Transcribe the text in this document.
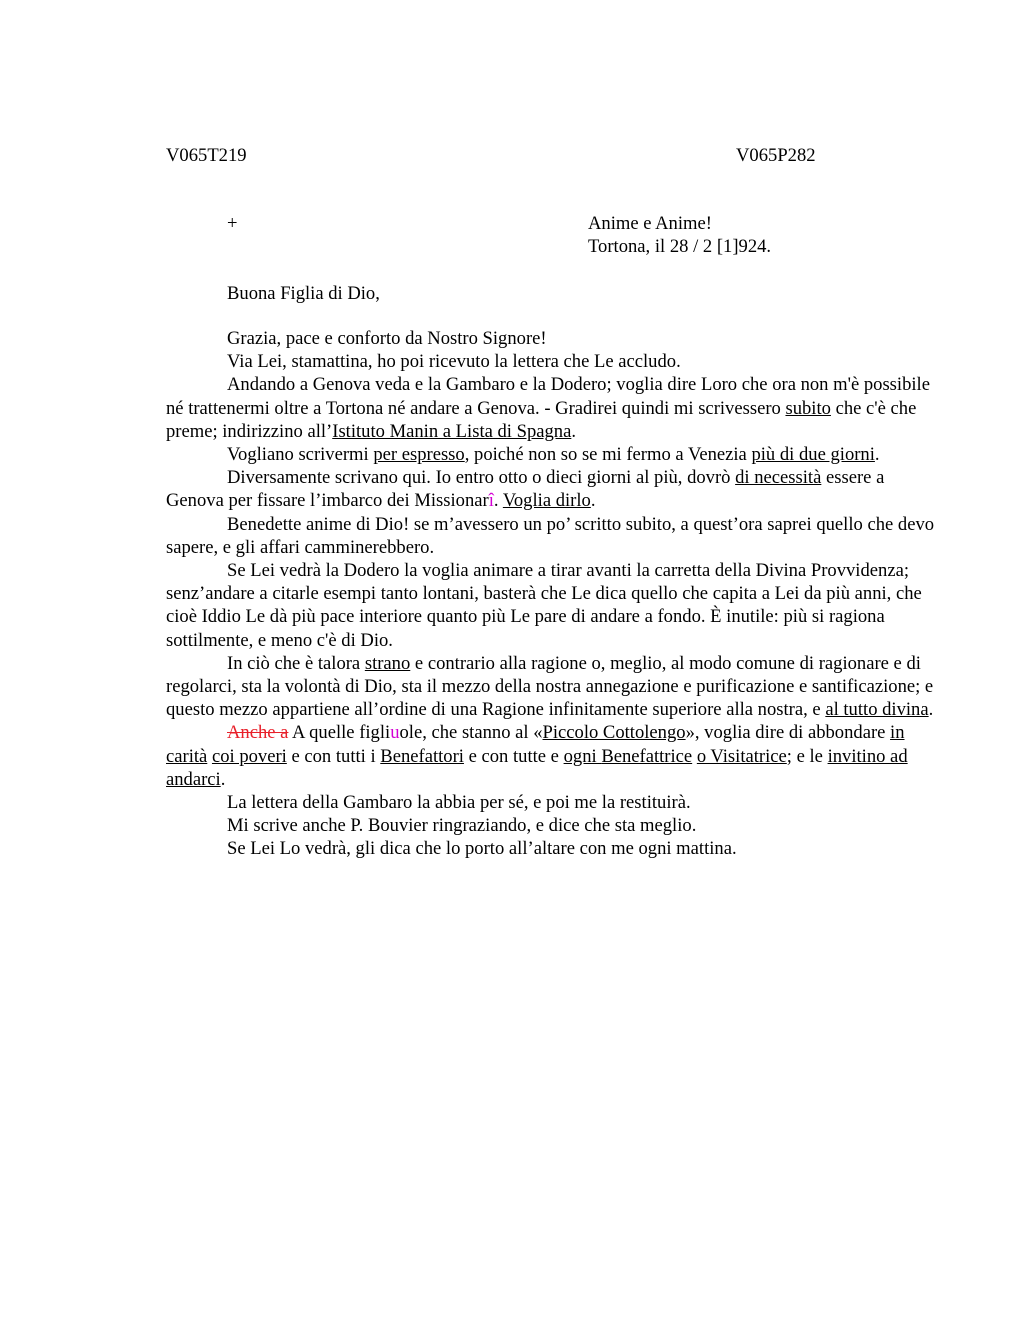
V065T219	V065P282
+	Anime e Anime!
Tortona, il 28 / 2 [1]924.
Buona Figlia di Dio,

Grazia, pace e conforto da Nostro Signore!

Via Lei, stamattina, ho poi ricevuto la lettera che Le accludo.

Andando a Genova veda e la Gambaro e la Dodero; voglia dire Loro che ora non m'è possibile né trattenermi oltre a Tortona né andare a Genova. - Gradirei quindi mi scrivessero subito che c'è che preme; indirizzino all’Istituto Manin a Lista di Spagna.

Vogliano scrivermi per espresso, poiché non so se mi fermo a Venezia più di due giorni.

Diversamente scrivano qui. Io entro otto o dieci giorni al più, dovrò di necessità essere a Genova per fissare l’imbarco dei Missionarî. Voglia dirlo.

Benedette anime di Dio! se m’avessero un po’ scritto subito, a quest’ora saprei quello che devo sapere, e gli affari camminerebbero.

Se Lei vedrà la Dodero la voglia animare a tirar avanti la carretta della Divina Provvidenza; senz’andare a citarle esempi tanto lontani, basterà che Le dica quello che capita a Lei da più anni, che cioè Iddio Le dà più pace interiore quanto più Le pare di andare a fondo. È inutile: più si ragiona sottilmente, e meno c'è di Dio.

In ciò che è talora strano e contrario alla ragione o, meglio, al modo comune di ragionare e di regolarci, sta la volontà di Dio, sta il mezzo della nostra annegazione e purificazione e santificazione; e questo mezzo appartiene all’ordine di una Ragione infinitamente superiore alla nostra, e al tutto divina.

Anche a A quelle figliuole, che stanno al «Piccolo Cottolengo», voglia dire di abbondare in carità coi poveri e con tutti i Benefattori e con tutte e ogni Benefattrice o Visitatrice; e le invitino ad andarci.

La lettera della Gambaro la abbia per sé, e poi me la restituirà.

Mi scrive anche P. Bouvier ringraziando, e dice che sta meglio.

Se Lei Lo vedrà, gli dica che lo porto all’altare con me ogni mattina.
